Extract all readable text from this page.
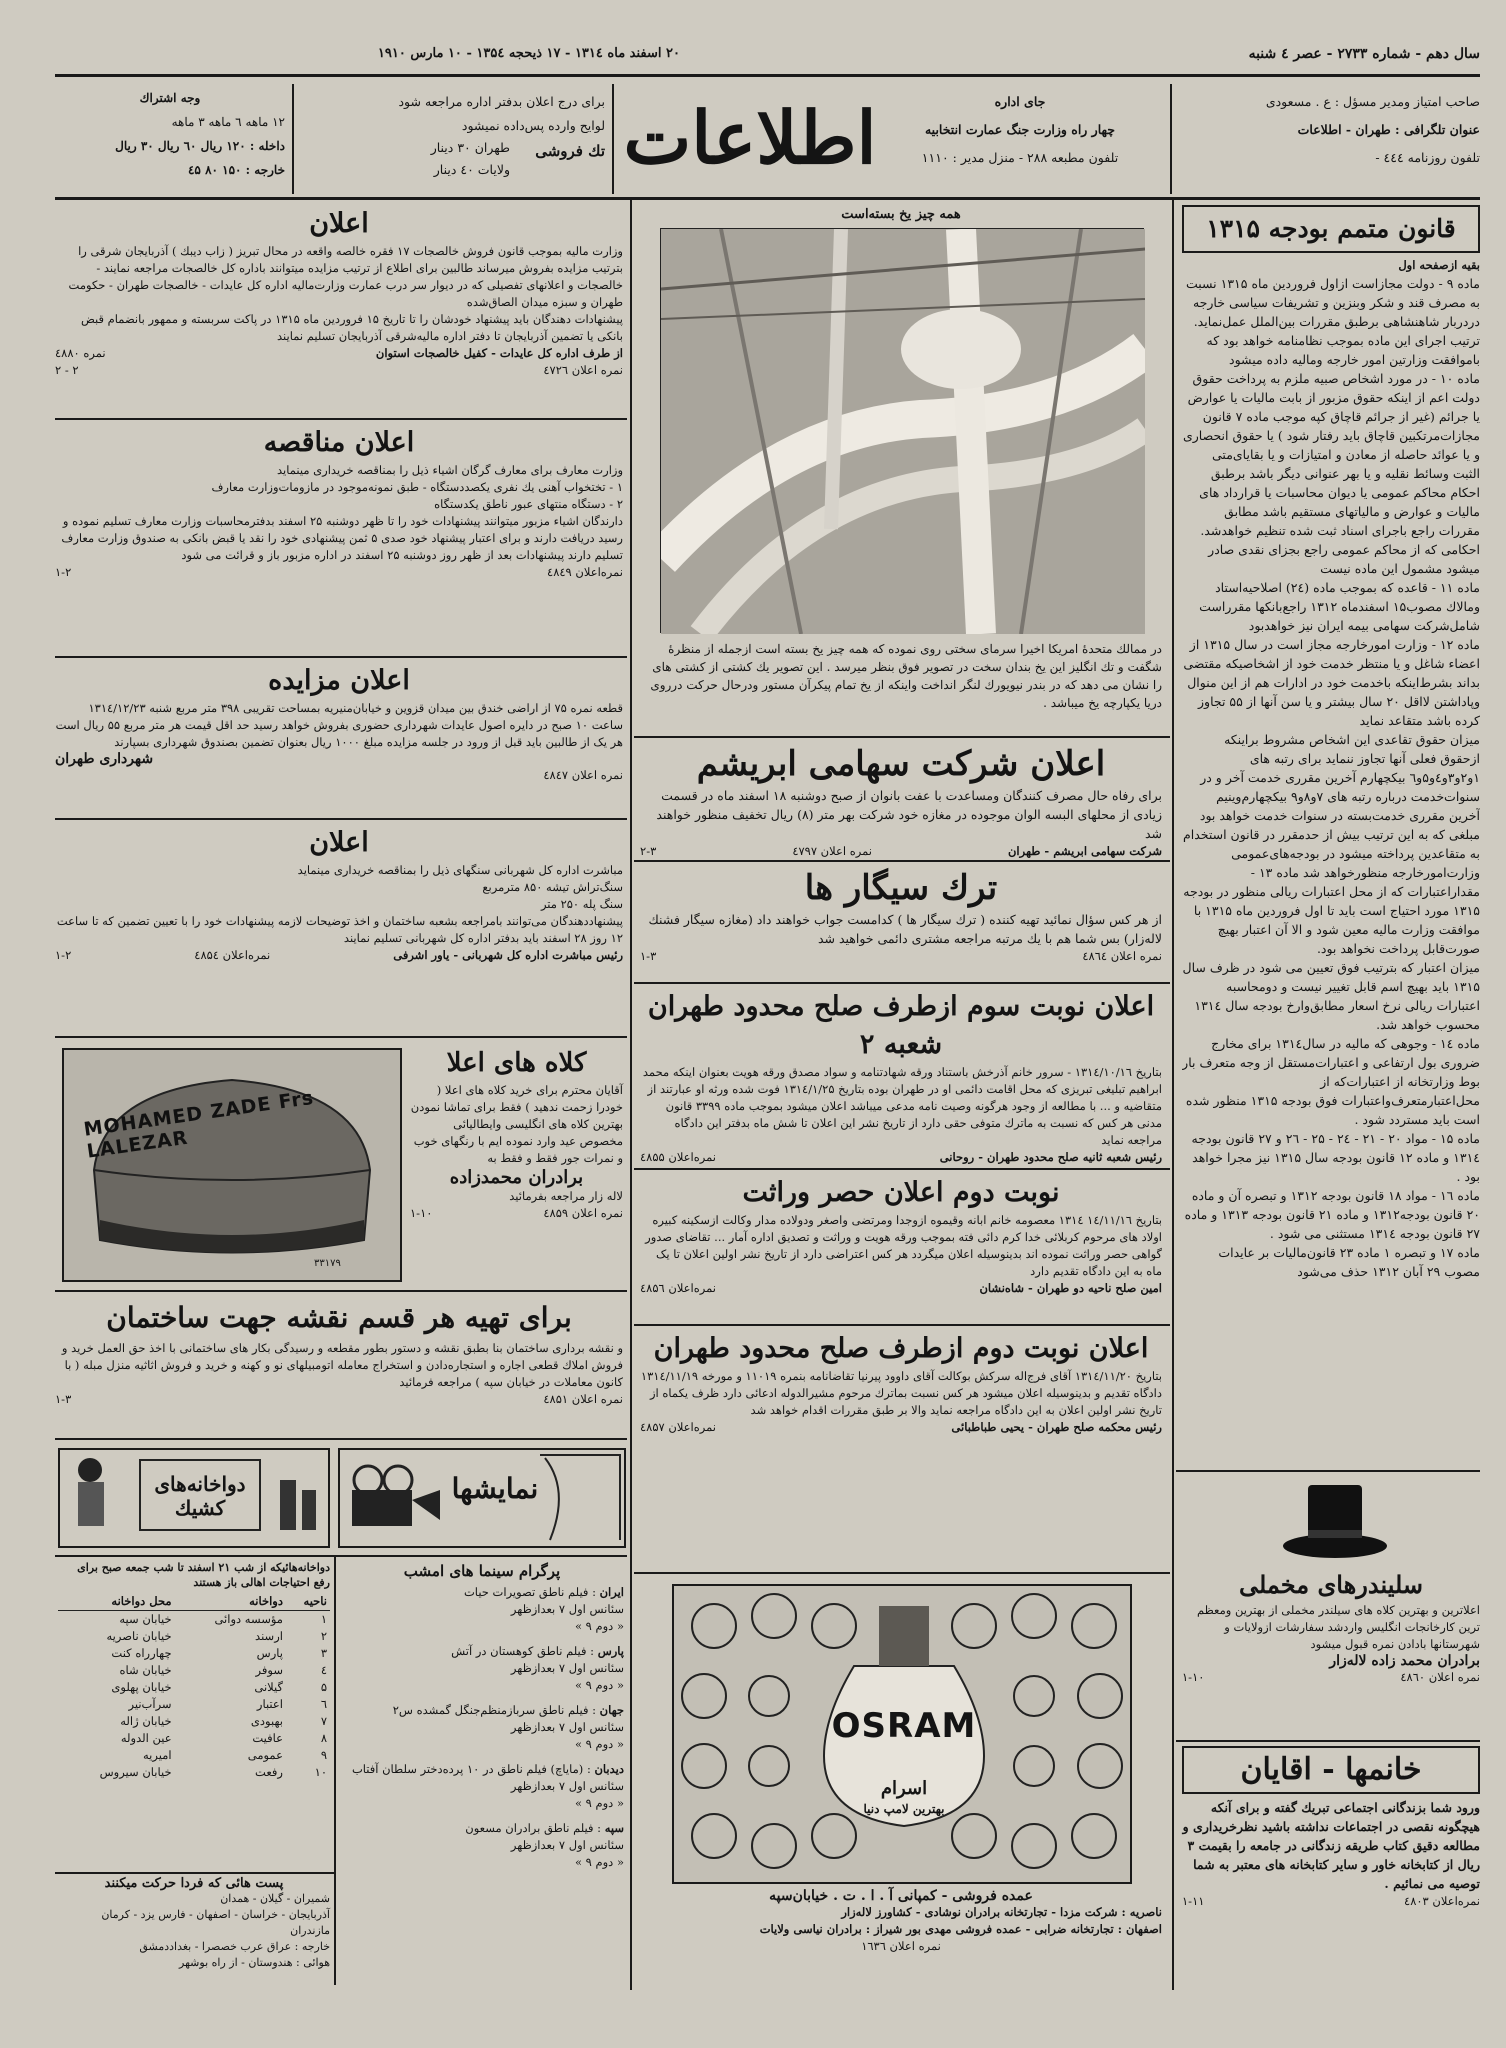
سال دهم - شماره ۲۷۳۳ - عصر ٤ شنبه
۲۰ اسفند ماه ۱۳۱٤ - ۱۷ ذیحجه ۱۳۵٤ - ۱۰ مارس ۱۹۱۰
صاحب امتیاز ومدیر مسؤل : ع . مسعودی
عنوان تلگرافی : طهران - اطلاعات
تلفون روزنامه ٤٤٤ -
جای اداره
چهار راه وزارت جنگ عمارت انتخابیه
تلفون مطبعه ۲۸۸ - منزل مدیر : ۱۱۱۰
اطلاعات
برای درج اعلان بدفتر اداره مراجعه شود
لوایح وارده پس‌داده نمیشود
تك فروشی
طهران ۳۰ دینار
ولایات ٤۰ دینار
وجه اشتراك
۱۲ ماهه ٦ ماهه ۳ ماهه
داخله : ۱۲۰ ریال ٦۰ ریال ۳۰ ریال
خارجه : ۱۵۰ ۸۰ ٤۵
قانون متمم بودجه ۱۳۱۵
بقیه ازصفحه اول
ماده ۹ - دولت مجازاست ازاول فروردین ماه ۱۳۱۵ نسبت به مصرف قند و شکر وبنزین و تشریفات سیاسی خارجه دردربار شاهنشاهی برطبق مقررات بین‌الملل عمل‌نماید.
ترتیب اجرای این ماده بموجب نظامنامه خواهد بود که باموافقت وزارتین امور خارجه ومالیه داده میشود
ماده ۱۰ - در مورد اشخاص صبیه ملزم به پرداخت حقوق دولت اعم از اینکه حقوق مزبور از بابت مالیات یا عوارض یا جرائم (غیر از جرائم قاچاق کپه موجب ماده ۷ قانون مجازات‌مرتکبین قاچاق باید رفتار شود ) یا حقوق انحصاری و یا عوائد حاصله از معادن و امتیازات و یا بقایای‌متی الثبت وسائط نقلیه و یا بهر عنوانی دیگر باشد برطبق احکام محاکم عمومی یا دیوان محاسبات یا قرارداد های مالیات و عوارض و مالیاتهای مستقیم باشد مطابق مقررات راجع باجرای اسناد ثبت شده تنظیم خواهدشد.
احکامی که از محاکم عمومی راجع بجزای نقدی صادر میشود مشمول این ماده نیست
ماده ۱۱ - قاعده که بموجب ماده (۲٤) اصلاحیه‌استاد ومالاك مصوب‌۱۵ اسفندماه ۱۳۱۲ راجع‌بانکها مقرراست شامل‌شرکت سهامی بیمه ایران نیز خواهدبود
ماده ۱۲ - وزارت امورخارجه مجاز است در سال ۱۳۱۵ از اعضاء شاغل و یا منتظر خدمت خود از اشخاصیکه مقتضی بداند بشرط‌اینکه باخدمت خود در ادارات هم از این منوال وپاداشتن لااقل ۲۰ سال بیشتر و یا سن آنها از ۵۵ تجاوز کرده باشد متقاعد نماید
میزان حقوق تقاعدی این اشخاص مشروط براینکه ازحقوق فعلی آنها تجاوز ننماید برای رتبه های ۱و۲و۳و٤و۵و٦ بیکچهارم آخرین مقرری خدمت آخر و در سنوات‌خدمت درباره رتبه های ۷و۸و۹ بیکچهارم‌وینیم آخرین مقرری خدمت‌بسته در سنوات خدمت خواهد بود
مبلغی که به این ترتیب بیش از حدمقرر در قانون استخدام به متقاعدین پرداخته میشود در بودجه‌های‌عمومی وزارت‌امورخارجه منظور‌خواهد شد ماده ۱۳ - مقدار‌اعتبارات که از محل اعتبارات ریالی منظور در بودجه ۱۳۱۵ مورد احتیاج است باید تا اول فروردین ماه ۱۳۱۵ با موافقت وزارت مالیه معین شود و الا آن اعتبار بهیچ صورت‌قابل پرداخت نخواهد بود.
میزان اعتبار که بترتیب فوق تعیین می شود در ظرف سال ۱۳۱۵ باید بهیچ اسم قابل تغییر نیست و دومحاسبه اعتبارات ریالی نرخ اسعار مطابق‌وارخ بودجه سال ۱۳۱٤ محسوب خواهد شد.
ماده ۱٤ - وجوهی که مالیه در سال۱۳۱٤ برای مخارج ضروری بول ارتفاعی و اعتبارات‌مستقل از وجه متعرف بار بوط وزارتخانه از اعتبارات‌که از محل‌اعتبار‌متعرف‌واعتبارات‌ فوق بودجه ۱۳۱۵ منظور شده است باید مستردد شود .
ماده ۱۵ - مواد ۲۰ - ۲۱ - ۲٤ - ۲۵ - ۲٦ و ۲۷ قانون بودجه ۱۳۱٤ و ماده ۱۲ قانون بودجه سال ۱۳۱۵ نیز مجرا خواهد بود .
ماده ۱٦ - مواد ۱۸ قانون بودجه ۱۳۱۲ و تبصره آن و ماده ۲۰ قانون بودجه‌۱۳۱۲ و ماده ۲۱ قانون بودجه ۱۳۱۳ و ماده ۲۷ قانون بودجه ۱۳۱٤ مستثنی می شود .
ماده ۱۷ و تبصره ۱ ماده ۲۳ قانون‌مالیات بر عایدات مصوب ۲۹ آبان ۱۳۱۲ حذف می‌شود
سلیندرهای مخملی
اعلاترین و بهترین کلاه های سیلندر مخملی از بهترین ومعظم ترین کارخانجات انگلیس واردشد سفارشات ازولایات و شهرستانها بادادن نمره قبول میشود
برادران محمد زاده لاله‌زار
نمره اعلان ٤۸٦۰
۱-۱۰
خانمها - اقایان
ورود شما بزندگانی اجتماعی تبریك گفته و برای آنکه هیچگونه نقصی در اجتماعات نداشته باشید نظرخریداری و مطالعه دقیق کتاب طریقه زندگانی در جامعه را بقیمت ۳ ریال از کتابخانه خاور و سایر کتابخانه های معتبر به شما توصیه می نمائیم .
نمره‌اعلان ٤۸۰۳
۱-۱۱
همه چیز یخ بسته‌است
در ممالك متحدهٔ امریکا اخیرا سرمای سختی روی نموده که همه چیز یخ بسته است ازجمله از منظرهٔ شگفت و تك انگلیز این یخ بندان سخت در تصویر فوق بنظر میرسد . این تصویر یك کشتی از کشتی های را نشان می دهد که در بندر نیویورك لنگر انداخت واینکه از یخ تمام پیکرآن مستور ودرحال حرکت درروی دریا یکپارچه یخ میباشد .
اعلان شرکت سهامی ابریشم
برای رفاه حال مصرف کنندگان ومساعدت با عفت بانوان از صبح دوشنبه ۱۸ اسفند ماه در قسمت زیادی از محلهای البسه الوان موجوده در مغازه خود شرکت بهر متر (۸) ریال تخفیف منظور خواهند شد
شرکت سهامی ابریشم - طهران
نمره اعلان ٤۷۹۷
۲-۳
ترك سیگار ها
از هر کس سؤال نمائید تهیه کننده ( ترك سیگار ها ) کدامست جواب خواهند داد (مغازه سیگار فشنك لاله‌زار) بس شما هم با یك مرتبه مراجعه مشتری دائمی خواهید شد
نمره اعلان ٤۸٦٤
۱-۳
اعلان نوبت سوم ازطرف صلح محدود طهران شعبه ۲
بتاریخ ۱۳۱٤/۱۰/۱٦ - سرور خانم آذرخش باستناد ورقه شهادتنامه و سواد مصدق ورقه هویت بعنوان اینکه محمد ابراهیم تبلیغی تبریزی که محل اقامت دائمی او در طهران بوده بتاریخ ۱۳۱٤/۱/۲۵ فوت شده ورثه او عبارتند از متقاضیه و ... با مطالعه از وجود هرگونه وصیت نامه مدعی میباشد اعلان میشود بموجب ماده ۳۳۹۹ قانون مدنی هر کس که نسبت به ماترك متوفی حقی دارد از تاریخ نشر این اعلان تا شش ماه بدفتر این دادگاه مراجعه نماید
رئیس شعبه ثانیه صلح محدود طهران - روحانی
نمره‌اعلان ٤۸۵۵
نوبت دوم اعلان حصر وراثت
بتاریخ ۱٤/۱۱/۱٦ ۱۳۱٤ معصومه خانم ابانه وقیموه ازوجدا ومرتضی واصغر ودولاده مدار وکالت ازسکینه کبیره اولاد های مرحوم کربلائی خدا کرم دائی فته بموجب ورقه هویت و وراثت و تصدیق اداره آمار ... تقاضای صدور گواهی حصر وراثت نموده اند بدینوسیله اعلان میگردد هر کس اعتراضی دارد از تاریخ نشر اولین اعلان تا یک ماه به این دادگاه تقدیم دارد
امین صلح ناحیه دو طهران - شاه‌نشان
نمره‌اعلان ٤۸۵٦
اعلان نوبت دوم ازطرف صلح محدود طهران
بتاریخ ۱۳۱٤/۱۱/۲۰ آقای فرج‌اله سرکش بوکالت آقای داوود پیرنیا تقاضانامه بنمره ۱۱۰۱۹ و مورخه ۱۳۱٤/۱۱/۱۹ دادگاه تقدیم و بدینوسیله اعلان میشود هر کس نسبت بماترك مرحوم مشیرالدوله ادعائی دارد ظرف یکماه از تاریخ نشر اولین اعلان به این دادگاه مراجعه نماید والا بر طبق مقررات اقدام خواهد شد
رئیس محکمه صلح طهران - یحیی طباطبائی
نمره‌اعلان ٤۸۵۷
OSRAM
اسرام
بهترین لامپ دنیا
عمده فروشی - کمپانی آ . ا . ت . خیابان‌سپه
ناصریه : شرکت مزدا - تجارتخانه برادران نوشادی - کشاورز لاله‌زار
اصفهان : تجارتخانه ضرابی - عمده فروشی مهدی بور شیراز : برادران نیاسی ولایات
نمره اعلان ۱٦۳٦
اعلان
وزارت مالیه بموجب قانون فروش خالصجات ۱۷ فقره خالصه واقعه در محال تبریز ( زاب دیبك ) آذربایجان شرقی را بترتیب مزایده بفروش میرساند طالبین برای اطلاع از ترتیب مزایده میتوانند باداره کل خالصجات مراجعه نمایند - خالصجات و اعلانهای تفصیلی که در دیوار سر درب عمارت وزارت‌مالیه اداره کل عایدات - خالصجات طهران - حکومت طهران و سبزه میدان الصاق‌شده
پیشنهادات دهندگان باید پیشنهاد خودشان را تا تاریخ ۱۵ فروردین ماه ۱۳۱۵ در پاکت سربسته و ممهور بانضمام قبض بانکی یا تضمین آذربایجان تا دفتر اداره مالیه‌شرقی آذربایجان تسلیم نمایند
از طرف اداره کل عایدات - کفیل خالصجات استوان
نمره ٤۸۸۰
نمره اعلان ٤۷۲٦
۲ - ۲
اعلان مناقصه
وزارت معارف برای معارف گرگان اشیاء ذیل را بمناقصه خریداری مینماید
۱ - تختخواب آهنی یك نفری یکصد‌دستگاه - طبق نمونه‌موجود در مازومات‌وزارت معارف
۲ - دستگاه منتهای عبور ناطق یکدستگاه
دارندگان اشیاء مزبور میتوانند پیشنهادات خود را تا ظهر دوشنبه ۲۵ اسفند بدفترمحاسبات وزارت معارف تسلیم نموده و رسید دریافت دارند و برای اعتبار پیشنهاد خود صدی ۵ ثمن پیشنهادی خود را نقد یا قبض بانکی به صندوق وزارت معارف تسلیم دارند پیشنهادات بعد از ظهر روز دوشنبه ۲۵ اسفند در اداره مزبور باز و قرائت می شود
نمره‌اعلان ٤۸٤۹
۱-۲
اعلان مزایده
قطعه نمره ۷۵ از اراضی خندق بین میدان قزوین و خیابان‌منیریه بمساحت تقریبی ۳۹۸ متر مربع شنبه ۱۳۱٤/۱۲/۲۳ ساعت ۱۰ صبح در دایره اصول عایدات شهرداری حضوری بفروش خواهد رسید حد اقل قیمت هر متر مربع ۵۵ ریال است هر یک از طالبین باید قبل از ورود در جلسه مزایده مبلغ ۱۰۰۰ ریال بعنوان تضمین بصندوق شهرداری بسپارند
شهرداری طهران
نمره اعلان ٤۸٤۷
اعلان
مباشرت اداره کل شهربانی سنگهای ذیل را بمناقصه خریداری مینماید
سنگ‌تراش تیشه ۸۵۰ مترمربع
سنگ پله ۲۵۰ متر
پیشنهاد‌دهندگان می‌توانند بامراجعه بشعبه ساختمان و اخذ توضیحات لازمه پیشنهادات خود را با تعیین تضمین که تا ساعت ۱۲ روز ۲۸ اسفند باید بدفتر اداره کل شهربانی تسلیم نمایند
رئیس مباشرت اداره کل شهربانی - یاور اشرفی
نمره‌اعلان ٤۸۵٤
۱-۲
MOHAMED ZADE Frs LALEZAR
۳۳۱۷۹
کلاه های اعلا
آقایان محترم برای خرید کلاه های اعلا ( خودرا زحمت ندهید ) فقط برای تماشا نمودن بهترین کلاه های انگلیسی وایطالیائی مخصوص عید وارد نموده ایم با رنگهای خوب و نمرات جور فقط و فقط به
برادران محمدزاده
لاله زار مراجعه بفرمائید
نمره اعلان ٤۸۵۹
۱-۱۰
برای تهیه هر قسم نقشه جهت ساختمان
و نقشه برداری ساختمان بنا بطبق نقشه و دستور بطور مقطعه و رسیدگی بکار های ساختمانی با اخذ حق العمل خرید و فروش املاك قطعی اجاره و استجاره‌دادن و استخراج معامله اتومبیلهای نو و کهنه و خرید و فروش اثاثیه منزل مبله ( با کانون معاملات در خیابان سپه ) مراجعه فرمائید
نمره اعلان ٤۸۵۱
۱-۳
نمایشها
دواخانه‌های کشیك
پرگرام سینما های امشب
ایران : فیلم ناطق تصویرات حیات
سئانس اول ۷ بعدازظهر
« دوم ۹ »
پارس : فیلم ناطق کوهستان در آتش
سئانس اول ۷ بعدازظهر
« دوم ۹ »
جهان : فیلم ناطق سربازمنظم‌جنگل گمشده س۲
سئانس اول ۷ بعدازظهر
« دوم ۹ »
دیدبان : (مایاچ) فیلم ناطق در ۱۰ پرده‌دختر سلطان آفتاب
سئانس اول ۷ بعدازظهر
« دوم ۹ »
سپه : فیلم ناطق برادران مسعون
سئانس اول ۷ بعدازظهر
« دوم ۹ »
دواخانه‌هائیکه از شب ۲۱ اسفند تا شب جمعه صبح برای رفع احتیاجات اهالی باز هستند
ناحیه	دواخانه	محل دواخانه
۱	مؤسسه دوائی	خیابان سپه
۲	ارسند	خیابان ناصریه
۳	پارس	چهارراه کنت
٤	سوفر	خیابان شاه
۵	گیلانی	خیابان پهلوی
٦	اعتبار	سرآب‌نیر
۷	بهبودی	خیابان ژاله
۸	عافیت	عین الدوله
۹	عمومی	امیریه
۱۰	رفعت	خیابان سیروس
پست هائی که فردا حرکت میکنند
شمیران - گیلان - همدان
آذربایجان - خراسان - اصفهان - فارس یزد - کرمان
مازندران
خارجه : عراق عرب خصصرا - بغداددمشق
هوائی : هندوستان - از راه بوشهر
